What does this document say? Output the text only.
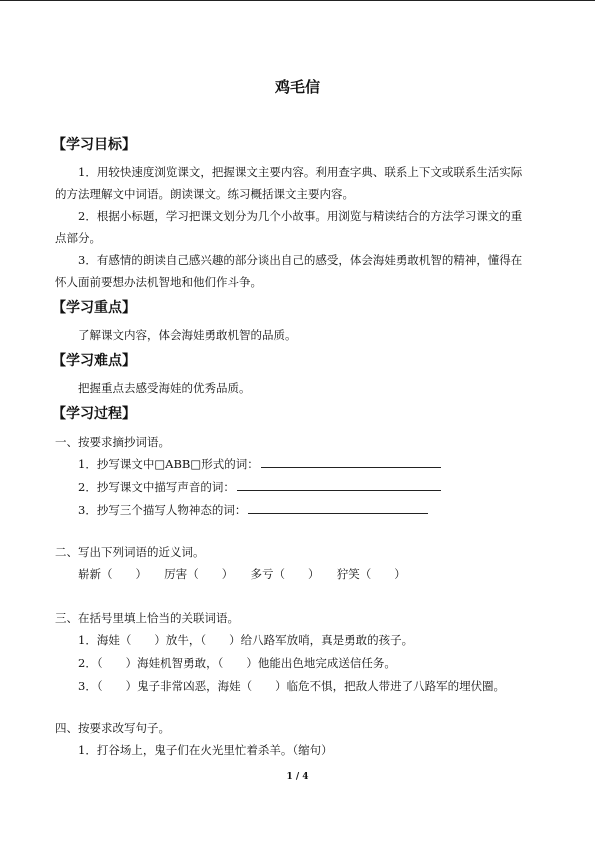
鸡毛信
【学习目标】
1．用较快速度浏览课文，把握课文主要内容。利用查字典、联系上下文或联系生活实际
的方法理解文中词语。朗读课文。练习概括课文主要内容。
2．根据小标题，学习把课文划分为几个小故事。用浏览与精读结合的方法学习课文的重
点部分。
3．有感情的朗读自己感兴趣的部分谈出自己的感受，体会海娃勇敢机智的精神，懂得在
怀人面前要想办法机智地和他们作斗争。
【学习重点】
了解课文内容，体会海娃勇敢机智的品质。
【学习难点】
把握重点去感受海娃的优秀品质。
【学习过程】
一、按要求摘抄词语。
1．抄写课文中□ABB□形式的词：
2．抄写课文中描写声音的词：
3．抄写三个描写人物神态的词：
二、写出下列词语的近义词。
崭新（　　）　　厉害（　　）　　多亏（　　）　　狞笑（　　）
三、在括号里填上恰当的关联词语。
1．海娃（　　）放牛，（　　）给八路军放哨，真是勇敢的孩子。
2．（　　）海娃机智勇敢，（　　）他能出色地完成送信任务。
3．（　　）鬼子非常凶恶，海娃（　　）临危不惧，把敌人带进了八路军的埋伏圈。
四、按要求改写句子。
1．打谷场上，鬼子们在火光里忙着杀羊。（缩句）
1 / 4
